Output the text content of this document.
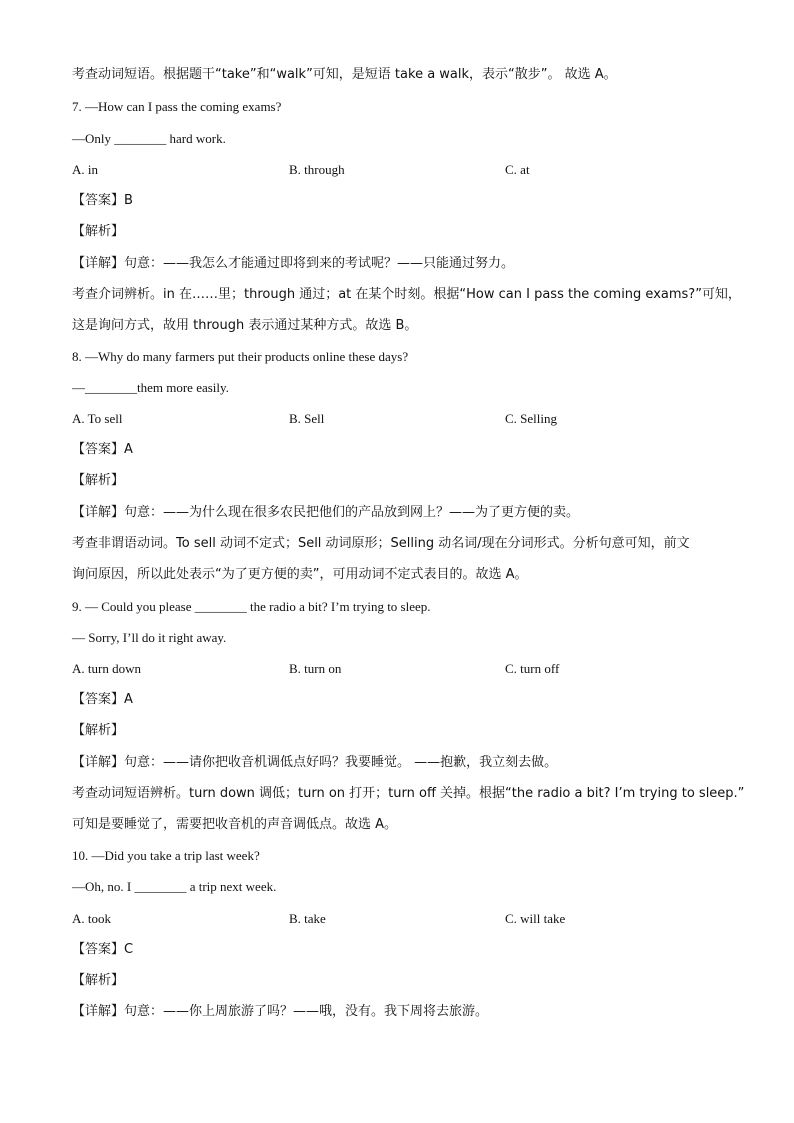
考查动词短语。根据题干“take”和“walk”可知，是短语 take a walk，表示“散步”。 故选 A。
7. —How can I pass the coming exams?
—Only ________ hard work.
A. in	B. through	C. at
【答案】B
【解析】
【详解】句意：——我怎么才能通过即将到来的考试呢？——只能通过努力。
考查介词辨析。in 在……里；through 通过；at 在某个时刻。根据“How can I pass the coming exams?”可知，
这是询问方式，故用 through 表示通过某种方式。故选 B。
8. —Why do many farmers put their products online these days?
—________them more easily.
A. To sell	B. Sell	C. Selling
【答案】A
【解析】
【详解】句意：——为什么现在很多农民把他们的产品放到网上？——为了更方便的卖。
考查非谓语动词。To sell 动词不定式；Sell 动词原形；Selling 动名词/现在分词形式。分析句意可知，前文
询问原因，所以此处表示“为了更方便的卖”，可用动词不定式表目的。故选 A。
9. — Could you please ________ the radio a bit? I’m trying to sleep.
— Sorry, I’ll do it right away.
A. turn down	B. turn on	C. turn off
【答案】A
【解析】
【详解】句意：——请你把收音机调低点好吗？我要睡觉。 ——抱歉，我立刻去做。
考查动词短语辨析。turn down 调低；turn on 打开；turn off 关掉。根据“the radio a bit? I’m trying to sleep.”
可知是要睡觉了，需要把收音机的声音调低点。故选 A。
10. —Did you take a trip last week?
—Oh, no. I ________ a trip next week.
A. took	B. take	C. will take
【答案】C
【解析】
【详解】句意：——你上周旅游了吗？——哦，没有。我下周将去旅游。
